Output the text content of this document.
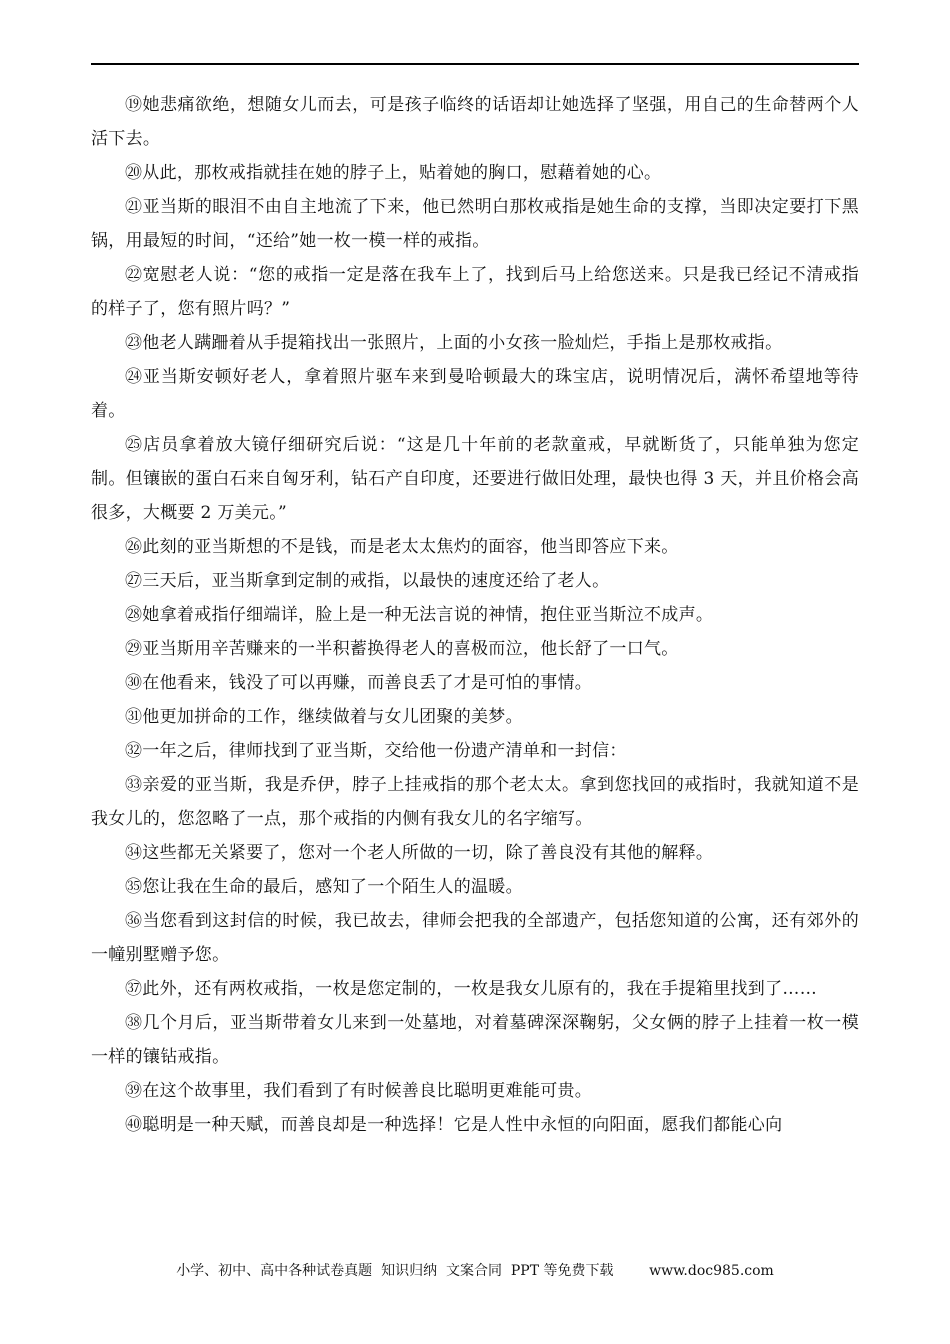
⑲她悲痛欲绝，想随女儿而去，可是孩子临终的话语却让她选择了坚强，用自己的生命替两个人活下去。

⑳从此，那枚戒指就挂在她的脖子上，贴着她的胸口，慰藉着她的心。

㉑亚当斯的眼泪不由自主地流了下来，他已然明白那枚戒指是她生命的支撑，当即决定要打下黑锅，用最短的时间，“还给”她一枚一模一样的戒指。

㉒宽慰老人说：“您的戒指一定是落在我车上了，找到后马上给您送来。只是我已经记不清戒指的样子了，您有照片吗？”

㉓他老人蹒跚着从手提箱找出一张照片，上面的小女孩一脸灿烂，手指上是那枚戒指。

㉔亚当斯安顿好老人，拿着照片驱车来到曼哈顿最大的珠宝店，说明情况后，满怀希望地等待着。

㉕店员拿着放大镜仔细研究后说：“这是几十年前的老款童戒，早就断货了，只能单独为您定制。但镶嵌的蛋白石来自匈牙利，钻石产自印度，还要进行做旧处理，最快也得 3 天，并且价格会高很多，大概要 2 万美元。”

㉖此刻的亚当斯想的不是钱，而是老太太焦灼的面容，他当即答应下来。

㉗三天后，亚当斯拿到定制的戒指，以最快的速度还给了老人。

㉘她拿着戒指仔细端详，脸上是一种无法言说的神情，抱住亚当斯泣不成声。

㉙亚当斯用辛苦赚来的一半积蓄换得老人的喜极而泣，他长舒了一口气。

㉚在他看来，钱没了可以再赚，而善良丢了才是可怕的事情。

㉛他更加拼命的工作，继续做着与女儿团聚的美梦。

㉜一年之后，律师找到了亚当斯，交给他一份遗产清单和一封信：

㉝亲爱的亚当斯，我是乔伊，脖子上挂戒指的那个老太太。拿到您找回的戒指时，我就知道不是我女儿的，您忽略了一点，那个戒指的内侧有我女儿的名字缩写。

㉞这些都无关紧要了，您对一个老人所做的一切，除了善良没有其他的解释。

㉟您让我在生命的最后，感知了一个陌生人的温暖。

㊱当您看到这封信的时候，我已故去，律师会把我的全部遗产，包括您知道的公寓，还有郊外的一幢别墅赠予您。

㊲此外，还有两枚戒指，一枚是您定制的，一枚是我女儿原有的，我在手提箱里找到了……

㊳几个月后，亚当斯带着女儿来到一处墓地，对着墓碑深深鞠躬，父女俩的脖子上挂着一枚一模一样的镶钻戒指。

㊴在这个故事里，我们看到了有时候善良比聪明更难能可贵。

㊵聪明是一种天赋，而善良却是一种选择！它是人性中永恒的向阳面，愿我们都能心向

小学、初中、高中各种试卷真题  知识归纳  文案合同  PPT 等免费下载	www.doc985.com
